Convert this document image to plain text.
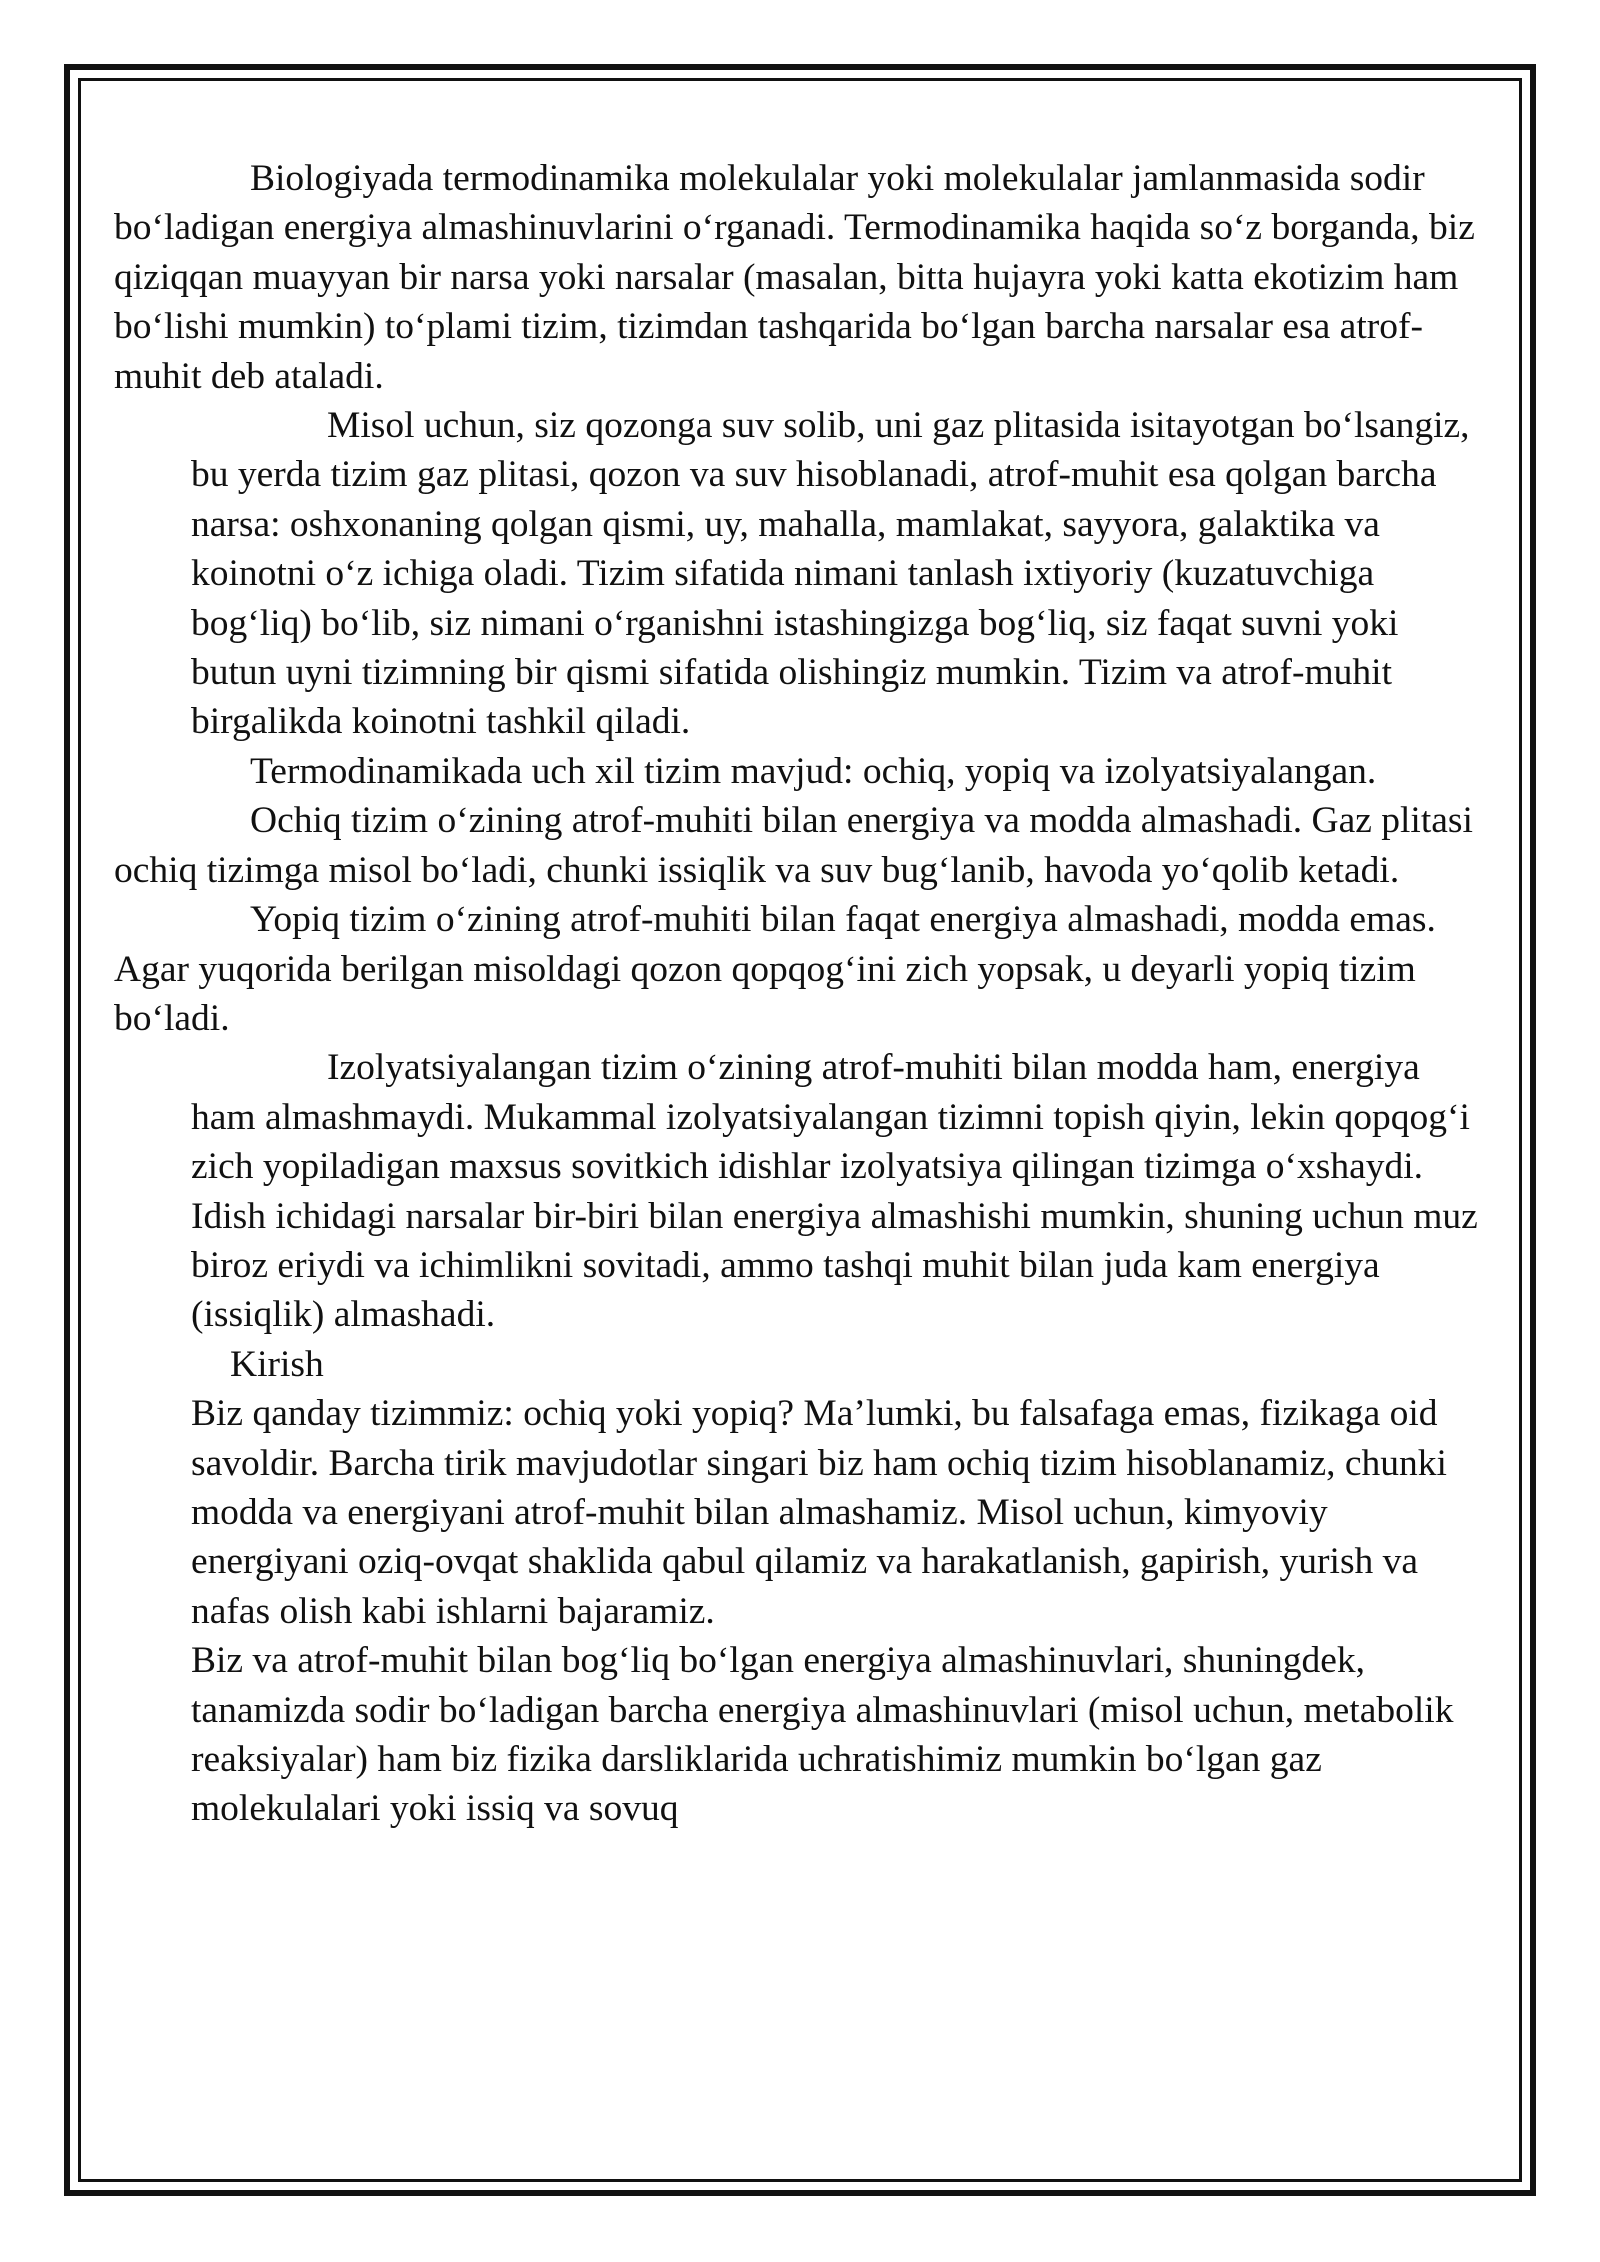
Biologiyada termodinamika molekulalar yoki molekulalar jamlanmasida sodir bo‘ladigan energiya almashinuvlarini o‘rganadi. Termodinamika haqida so‘z borganda, biz qiziqqan muayyan bir narsa yoki narsalar (masalan, bitta hujayra yoki katta ekotizim ham bo‘lishi mumkin) to‘plami tizim, tizimdan tashqarida bo‘lgan barcha narsalar esa atrof-muhit deb ataladi.

Misol uchun, siz qozonga suv solib, uni gaz plitasida isitayotgan bo‘lsangiz, bu yerda tizim gaz plitasi, qozon va suv hisoblanadi, atrof-muhit esa qolgan barcha narsa: oshxonaning qolgan qismi, uy, mahalla, mamlakat, sayyora, galaktika va koinotni o‘z ichiga oladi. Tizim sifatida nimani tanlash ixtiyoriy (kuzatuvchiga bog‘liq) bo‘lib, siz nimani o‘rganishni istashingizga bog‘liq, siz faqat suvni yoki butun uyni tizimning bir qismi sifatida olishingiz mumkin. Tizim va atrof-muhit birgalikda koinotni tashkil qiladi.

Termodinamikada uch xil tizim mavjud: ochiq, yopiq va izolyatsiyalangan.

Ochiq tizim o‘zining atrof-muhiti bilan energiya va modda almashadi. Gaz plitasi ochiq tizimga misol bo‘ladi, chunki issiqlik va suv bug‘lanib, havoda yo‘qolib ketadi.

Yopiq tizim o‘zining atrof-muhiti bilan faqat energiya almashadi, modda emas. Agar yuqorida berilgan misoldagi qozon qopqog‘ini zich yopsak, u deyarli yopiq tizim bo‘ladi.

Izolyatsiyalangan tizim o‘zining atrof-muhiti bilan modda ham, energiya ham almashmaydi. Mukammal izolyatsiyalangan tizimni topish qiyin, lekin qopqog‘i zich yopiladigan maxsus sovitkich idishlar izolyatsiya qilingan tizimga o‘xshaydi. Idish ichidagi narsalar bir-biri bilan energiya almashishi mumkin, shuning uchun muz biroz eriydi va ichimlikni sovitadi, ammo tashqi muhit bilan juda kam energiya (issiqlik) almashadi.

Kirish

Biz qanday tizimmiz: ochiq yoki yopiq? Ma’lumki, bu falsafaga emas, fizikaga oid savoldir. Barcha tirik mavjudotlar singari biz ham ochiq tizim hisoblanamiz, chunki modda va energiyani atrof-muhit bilan almashamiz. Misol uchun, kimyoviy energiyani oziq-ovqat shaklida qabul qilamiz va harakatlanish, gapirish, yurish va nafas olish kabi ishlarni bajaramiz.

Biz va atrof-muhit bilan bog‘liq bo‘lgan energiya almashinuvlari, shuningdek, tanamizda sodir bo‘ladigan barcha energiya almashinuvlari (misol uchun, metabolik reaksiyalar) ham biz fizika darsliklarida uchratishimiz mumkin bo‘lgan gaz molekulalari yoki issiq va sovuq
